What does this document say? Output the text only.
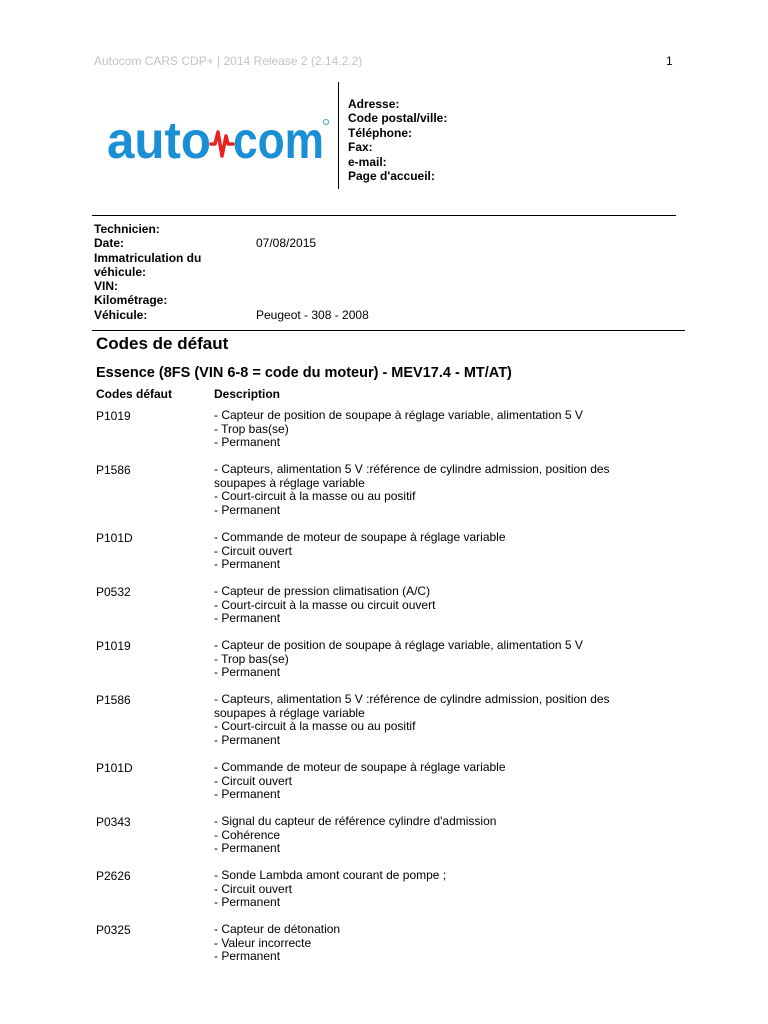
Autocom CARS CDP+ | 2014 Release 2 (2.14.2.2)	1
auto com
Adresse:
Code postal/ville:
Téléphone:
Fax:
e-mail:
Page d'accueil:
Technicien:
Date:	07/08/2015
Immatriculation du
véhicule:
VIN:
Kilométrage:
Véhicule:	Peugeot - 308 - 2008
Codes de défaut
Essence (8FS (VIN 6-8 = code du moteur) - MEV17.4 - MT/AT)
Codes défaut	Description
P1019	- Capteur de position de soupape à réglage variable, alimentation 5 V
- Trop bas(se)
- Permanent
P1586	- Capteurs, alimentation 5 V :référence de cylindre admission, position des
soupapes à réglage variable
- Court-circuit à la masse ou au positif
- Permanent
P101D	- Commande de moteur de soupape à réglage variable
- Circuit ouvert
- Permanent
P0532	- Capteur de pression climatisation (A/C)
- Court-circuit à la masse ou circuit ouvert
- Permanent
P1019	- Capteur de position de soupape à réglage variable, alimentation 5 V
- Trop bas(se)
- Permanent
P1586	- Capteurs, alimentation 5 V :référence de cylindre admission, position des
soupapes à réglage variable
- Court-circuit à la masse ou au positif
- Permanent
P101D	- Commande de moteur de soupape à réglage variable
- Circuit ouvert
- Permanent
P0343	- Signal du capteur de référence cylindre d'admission
- Cohérence
- Permanent
P2626	- Sonde Lambda amont courant de pompe ;
- Circuit ouvert
- Permanent
P0325	- Capteur de détonation
- Valeur incorrecte
- Permanent
